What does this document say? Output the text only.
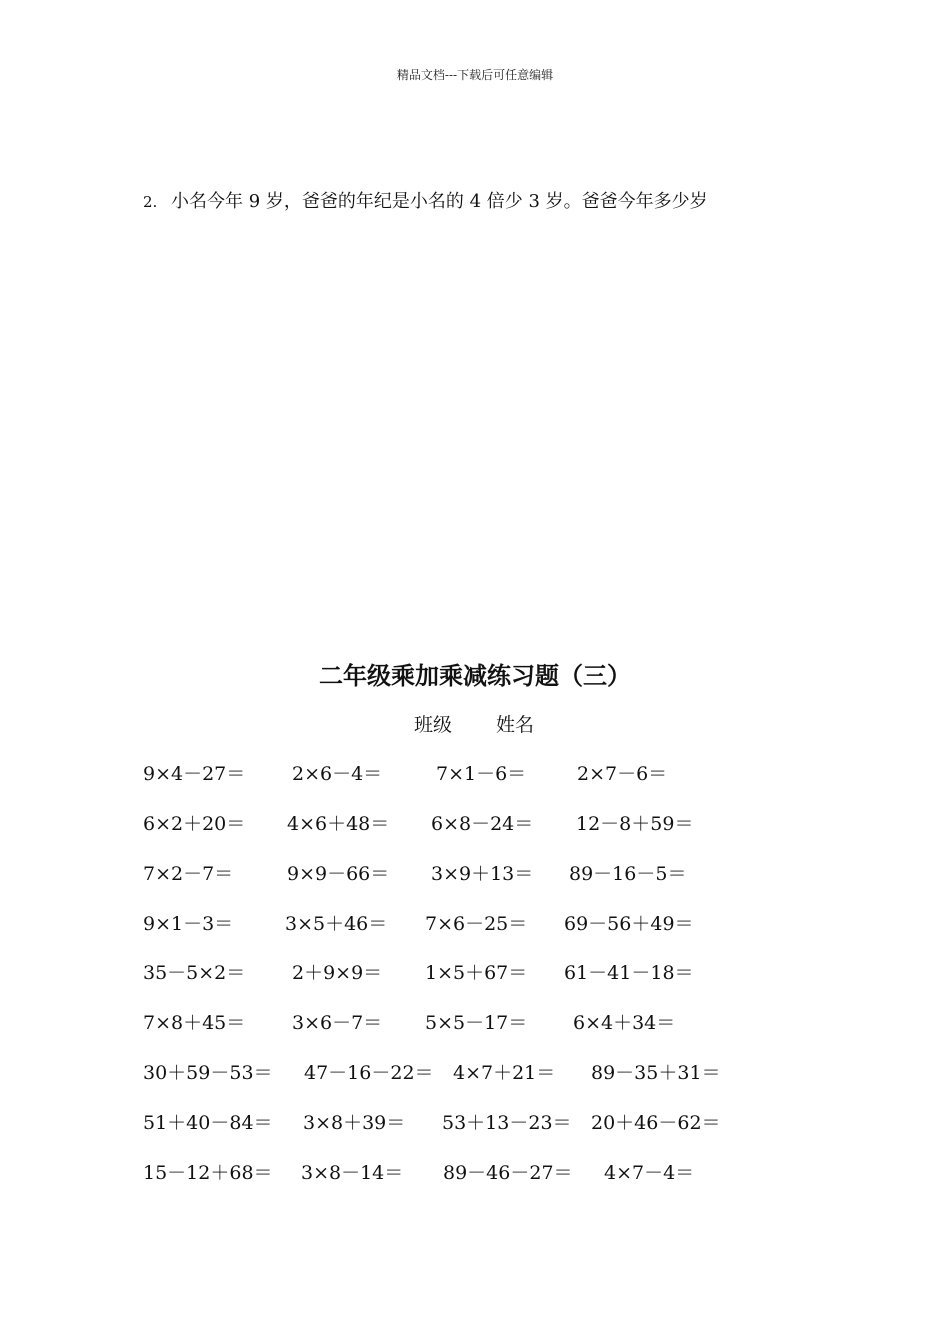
精品文档---下载后可任意编辑
2. 小名今年 9 岁，爸爸的年纪是小名的 4 倍少 3 岁。爸爸今年多少岁
二年级乘加乘减练习题（三）
班级 姓名
9×4－27＝ 2×6－4＝	7×1－6＝	2×7－6＝
6×2＋20＝ 4×6＋48＝ 6×8－24＝ 12－8＋59＝
7×2－7＝	9×9－66＝ 3×9＋13＝ 89－16－5＝
9×1－3＝	3×5＋46＝ 7×6－25＝ 69－56＋49＝
35－5×2＝ 2＋9×9＝ 1×5＋67＝ 61－41－18＝
7×8＋45＝ 3×6－7＝ 5×5－17＝ 6×4＋34＝
30＋59－53＝ 47－16－22＝ 4×7＋21＝ 89－35＋31＝
51＋40－84＝ 3×8＋39＝ 53＋13－23＝ 20＋46－62＝
15－12＋68＝ 3×8－14＝ 89－46－27＝ 4×7－4＝
